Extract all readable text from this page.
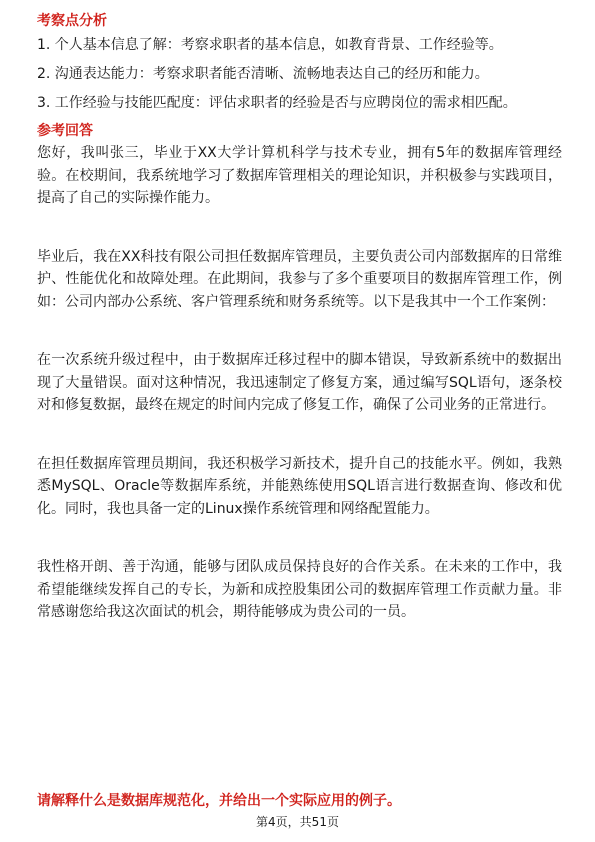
考察点分析

1. 个人基本信息了解：考察求职者的基本信息，如教育背景、工作经验等。

2. 沟通表达能力：考察求职者能否清晰、流畅地表达自己的经历和能力。

3. 工作经验与技能匹配度：评估求职者的经验是否与应聘岗位的需求相匹配。

参考回答

您好，我叫张三，毕业于XX大学计算机科学与技术专业，拥有5年的数据库管理经验。在校期间，我系统地学习了数据库管理相关的理论知识，并积极参与实践项目，提高了自己的实际操作能力。

毕业后，我在XX科技有限公司担任数据库管理员，主要负责公司内部数据库的日常维护、性能优化和故障处理。在此期间，我参与了多个重要项目的数据库管理工作，例如：公司内部办公系统、客户管理系统和财务系统等。以下是我其中一个工作案例：

在一次系统升级过程中，由于数据库迁移过程中的脚本错误，导致新系统中的数据出现了大量错误。面对这种情况，我迅速制定了修复方案，通过编写SQL语句，逐条校对和修复数据，最终在规定的时间内完成了修复工作，确保了公司业务的正常进行。

在担任数据库管理员期间，我还积极学习新技术，提升自己的技能水平。例如，我熟悉MySQL、Oracle等数据库系统，并能熟练使用SQL语言进行数据查询、修改和优化。同时，我也具备一定的Linux操作系统管理和网络配置能力。

我性格开朗、善于沟通，能够与团队成员保持良好的合作关系。在未来的工作中，我希望能继续发挥自己的专长，为新和成控股集团公司的数据库管理工作贡献力量。非常感谢您给我这次面试的机会，期待能够成为贵公司的一员。

请解释什么是数据库规范化，并给出一个实际应用的例子。

第4页，共51页
